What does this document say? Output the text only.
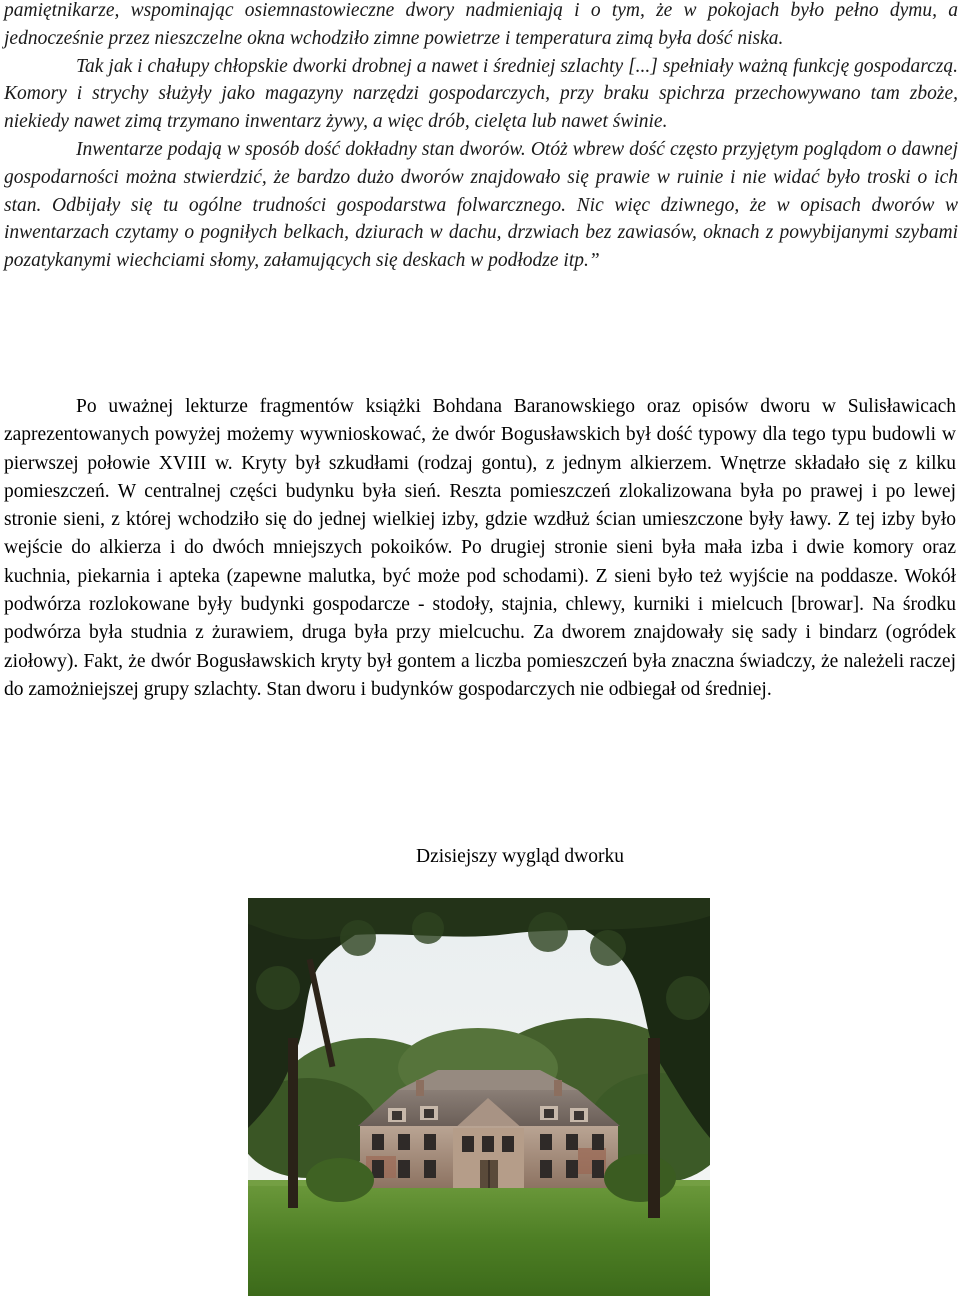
pamiętnikarze, wspominając osiemnastowieczne dwory nadmieniają i o tym, że w pokojach było pełno dymu, a jednocześnie przez nieszczelne okna wchodziło zimne powietrze i temperatura zimą była dość niska.

Tak jak i chałupy chłopskie dworki drobnej a nawet i średniej szlachty [...] spełniały ważną funkcję gospodarczą. Komory i strychy służyły jako magazyny narzędzi gospodarczych, przy braku spichrza przechowywano tam zboże, niekiedy nawet zimą trzymano inwentarz żywy, a więc drób, cielęta lub nawet świnie.

Inwentarze podają w sposób dość dokładny stan dworów. Otóż wbrew dość często przyjętym poglądom o dawnej gospodarności można stwierdzić, że bardzo dużo dworów znajdowało się prawie w ruinie i nie widać było troski o ich stan. Odbijały się tu ogólne trudności gospodarstwa folwarcznego. Nic więc dziwnego, że w opisach dworów w inwentarzach czytamy o pogniłych belkach, dziurach w dachu, drzwiach bez zawiasów, oknach z powybijanymi szybami pozatykanymi wiechciami słomy, załamujących się deskach w podłodze itp.”

Po uważnej lekturze fragmentów książki Bohdana Baranowskiego oraz opisów dworu w Sulisławicach zaprezentowanych powyżej możemy wywnioskować, że dwór Bogusławskich był dość typowy dla tego typu budowli w pierwszej połowie XVIII w. Kryty był szkudłami (rodzaj gontu), z jednym alkierzem. Wnętrze składało się z kilku pomieszczeń. W centralnej części budynku była sień. Reszta pomieszczeń zlokalizowana była po prawej i po lewej stronie sieni, z której wchodziło się do jednej wielkiej izby, gdzie wzdłuż ścian umieszczone były ławy. Z tej izby było wejście do alkierza i do dwóch mniejszych pokoików. Po drugiej stronie sieni była mała izba i dwie komory oraz kuchnia, piekarnia i apteka (zapewne malutka, być może pod schodami). Z sieni było też wyjście na poddasze. Wokół podwórza rozlokowane były budynki gospodarcze - stodoły, stajnia, chlewy, kurniki i mielcuch [browar]. Na środku podwórza była studnia z żurawiem, druga była przy mielcuchu. Za dworem znajdowały się sady i bindarz (ogródek ziołowy). Fakt, że dwór Bogusławskich kryty był gontem a liczba pomieszczeń była znaczna świadczy, że należeli raczej do zamożniejszej grupy szlachty. Stan dworu i budynków gospodarczych nie odbiegał od średniej.

Dzisiejszy wygląd dworku
